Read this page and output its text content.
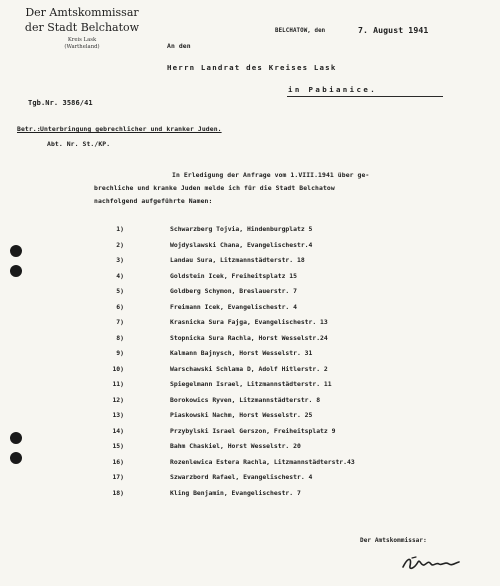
Der Amtskommissar
der Stadt Belchatow
Kreis Lask
(Wartheland)
BELCHATOW, den	7. August 1941
An den
Herrn Landrat des Kreises Lask
in Pabianice.
Tgb.Nr. 3586/41
Betr.: Unterbringung gebrechlicher und kranker Juden.
Abt. Nr. St./KP.
In Erledigung der Anfrage vom 1.VIII.1941 über ge-
brechliche und kranke Juden melde ich für die Stadt Belchatow
nachfolgend aufgeführte Namen:
1)	Schwarzberg Tojvia, Hindenburgplatz 5
2)	Wojdyslawski Chana, Evangelischestr.4
3)	Landau Sura, Litzmannstädterstr. 18
4)	Goldstein Icek, Freiheitsplatz 15
5)	Goldberg Schymon, Breslauerstr. 7
6)	Freimann Icek, Evangelischestr. 4
7)	Krasnicka Sura Fajga, Evangelischestr. 13
8)	Stopnicka Sura Rachla, Horst Wesselstr.24
9)	Kalmann Bajnysch, Horst Wesselstr. 31
10)	Warschawski Schlama D, Adolf Hitlerstr. 2
11)	Spiegelmann Israel, Litzmannstädterstr. 11
12)	Borokowics Ryven, Litzmannstädterstr. 8
13)	Piaskowski Nachm, Horst Wesselstr. 25
14)	Przybylski Israel Gerszon, Freiheitsplatz 9
15)	Bahm Chaskiel, Horst Wesselstr. 20
16)	Rozenlewica Estera Rachla, Litzmannstädterstr.43
17)	Szwarzbord Rafael, Evangelischestr. 4
18)	Kling Benjamin, Evangelischestr. 7
Der Amtskommissar:
